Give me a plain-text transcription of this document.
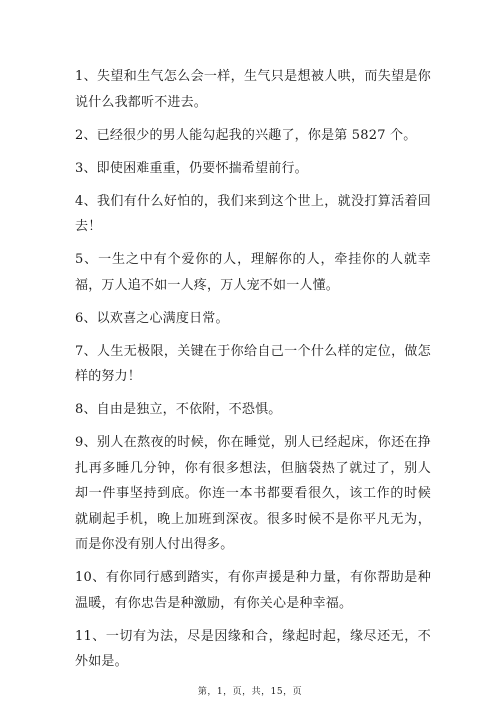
1、失望和生气怎么会一样，生气只是想被人哄，而失望是你说什么我都听不进去。

2、已经很少的男人能勾起我的兴趣了，你是第 5827 个。

3、即使困难重重，仍要怀揣希望前行。

4、我们有什么好怕的，我们来到这个世上，就没打算活着回去！

5、一生之中有个爱你的人，理解你的人，牵挂你的人就幸福，万人追不如一人疼，万人宠不如一人懂。

6、以欢喜之心满度日常。

7、人生无极限，关键在于你给自己一个什么样的定位，做怎样的努力！

8、自由是独立，不依附，不恐惧。

9、别人在熬夜的时候，你在睡觉，别人已经起床，你还在挣扎再多睡几分钟，你有很多想法，但脑袋热了就过了，别人却一件事坚持到底。你连一本书都要看很久，该工作的时候就刷起手机，晚上加班到深夜。很多时候不是你平凡无为，而是你没有别人付出得多。

10、有你同行感到踏实，有你声援是种力量，有你帮助是种温暖，有你忠告是种激励，有你关心是种幸福。

11、一切有为法，尽是因缘和合，缘起时起，缘尽还无，不外如是。

第，1，页，共，15，页
